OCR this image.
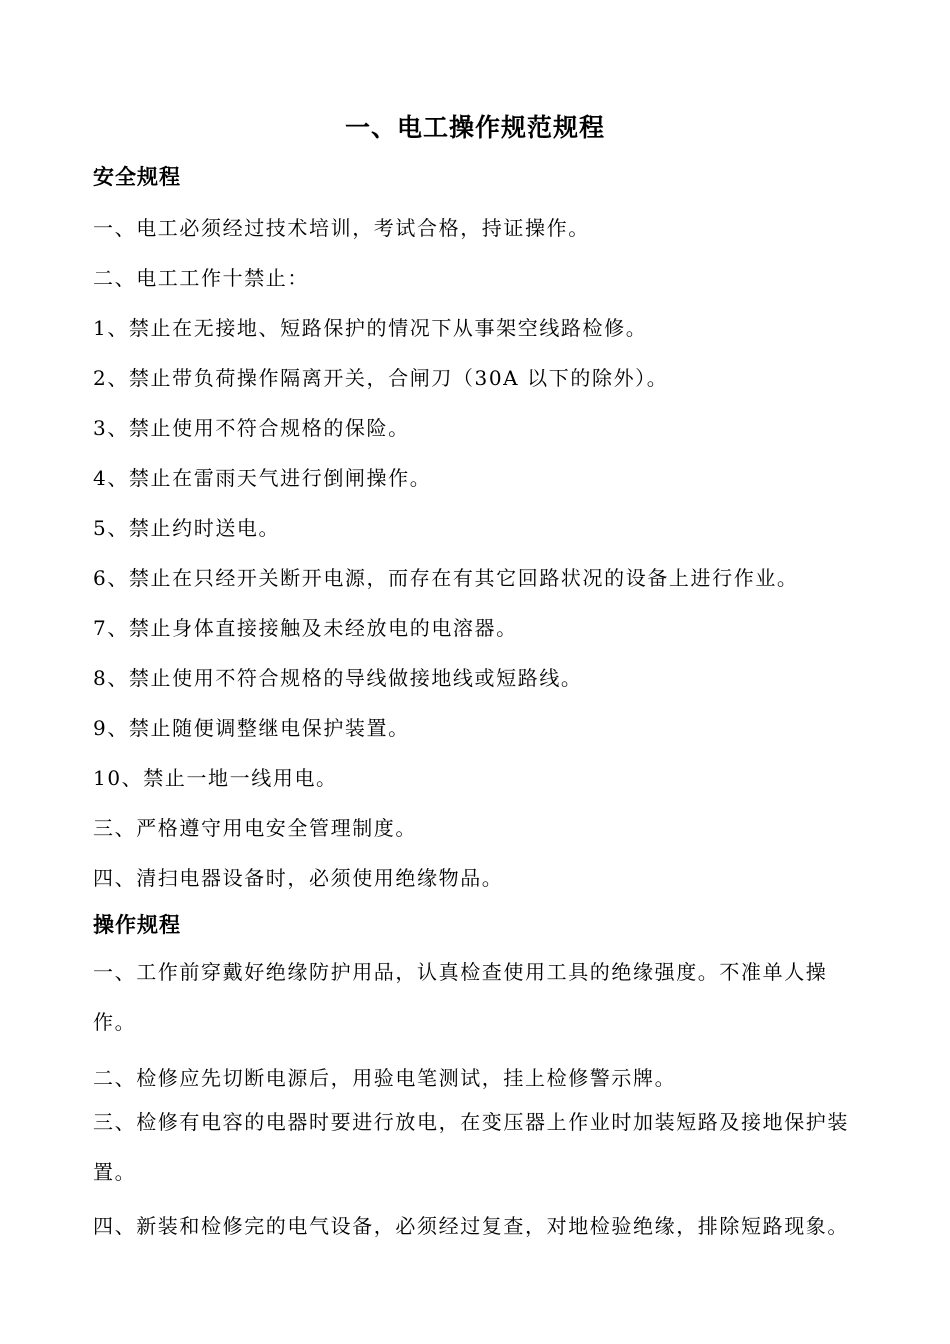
一、电工操作规范规程
安全规程
一、电工必须经过技术培训，考试合格，持证操作。
二、电工工作十禁止：
1、禁止在无接地、短路保护的情况下从事架空线路检修。
2、禁止带负荷操作隔离开关，合闸刀（30A 以下的除外）。
3、禁止使用不符合规格的保险。
4、禁止在雷雨天气进行倒闸操作。
5、禁止约时送电。
6、禁止在只经开关断开电源，而存在有其它回路状况的设备上进行作业。
7、禁止身体直接接触及未经放电的电溶器。
8、禁止使用不符合规格的导线做接地线或短路线。
9、禁止随便调整继电保护装置。
10、禁止一地一线用电。
三、严格遵守用电安全管理制度。
四、清扫电器设备时，必须使用绝缘物品。
操作规程
一、工作前穿戴好绝缘防护用品，认真检查使用工具的绝缘强度。不准单人操作。
二、检修应先切断电源后，用验电笔测试，挂上检修警示牌。
三、检修有电容的电器时要进行放电，在变压器上作业时加装短路及接地保护装置。
四、新装和检修完的电气设备，必须经过复查，对地检验绝缘，排除短路现象。
